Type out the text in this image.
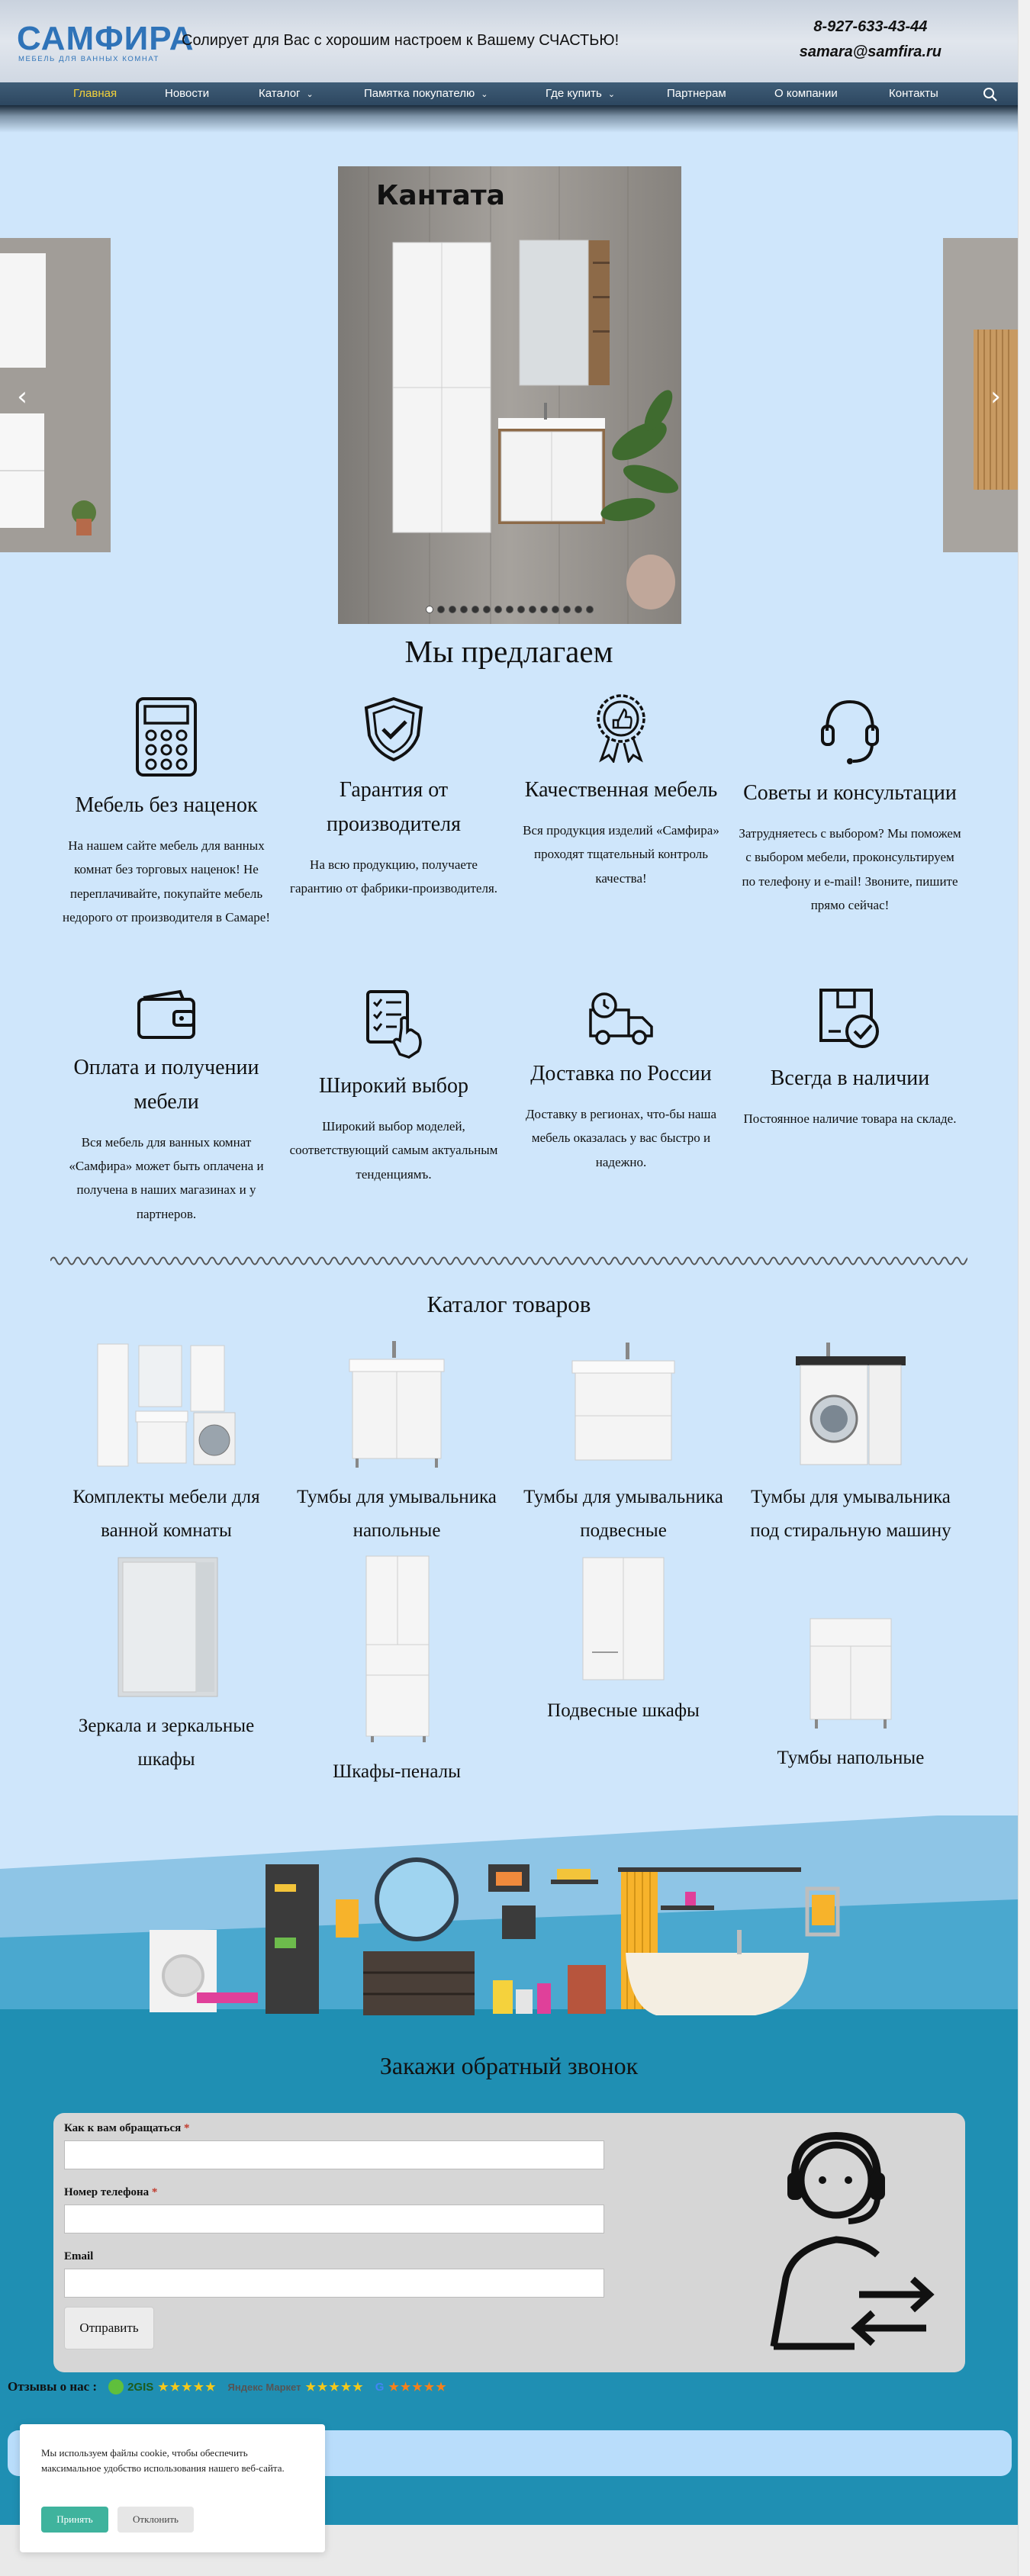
САМФИРА
МЕБЕЛЬ ДЛЯ ВАННЫХ КОМНАТ
Солирует для Вас с хорошим настроем к Вашему СЧАСТЬЮ!
8-927-633-43-44
samara@samfira.ru
Главная	Новости	Каталог ⌄	Памятка покупателю ⌄	Где купить ⌄	Партнерам	О компании	Контакты
‹	›
Кантата
Мы предлагаем
Мебель без наценок

На нашем сайте мебель для ванных комнат без торговых наценок! Не переплачивайте, покупайте мебель недорого от производителя в Самаре!

Гарантия от производителя

На всю продукцию, получаете гарантию от фабрики-производителя.

Качественная мебель

Вся продукция изделий «Самфира» проходят тщательный контроль качества!

Советы и консультации

Затрудняетесь с выбором? Мы поможем с выбором мебели, проконсультируем по телефону и e-mail! Звоните, пишите прямо сейчас!

Оплата и получении мебели

Вся мебель для ванных комнат «Самфира» может быть оплачена и получена в наших магазинах и у партнеров.

Широкий выбор

Широкий выбор моделей, соответствующий самым актуальным тенденциямъ.

Доставка по России

Доставку в регионах, что-бы наша мебель оказалась у вас быстро и надежно.

Всегда в наличии

Постоянное наличие товара на складе.

Каталог товаров
Комплекты мебели для ванной комнаты
Тумбы для умывальника напольные
Тумбы для умывальника подвесные
Тумбы для умывальника под стиральную машину
Зеркала и зеркальные шкафы
Шкафы-пеналы
Подвесные шкафы
Тумбы напольные
Закажи обратный звонок
Как к вам обращаться *
Номер телефона *
Email
Отправить
Отзывы о нас :	2GIS ★★★★★ Яндекс Маркет ★★★★★ G ★★★★★

Мы используем файлы cookie, чтобы обеспечить максимальное удобство использования нашего веб-сайта.

Принять	Отклонить
